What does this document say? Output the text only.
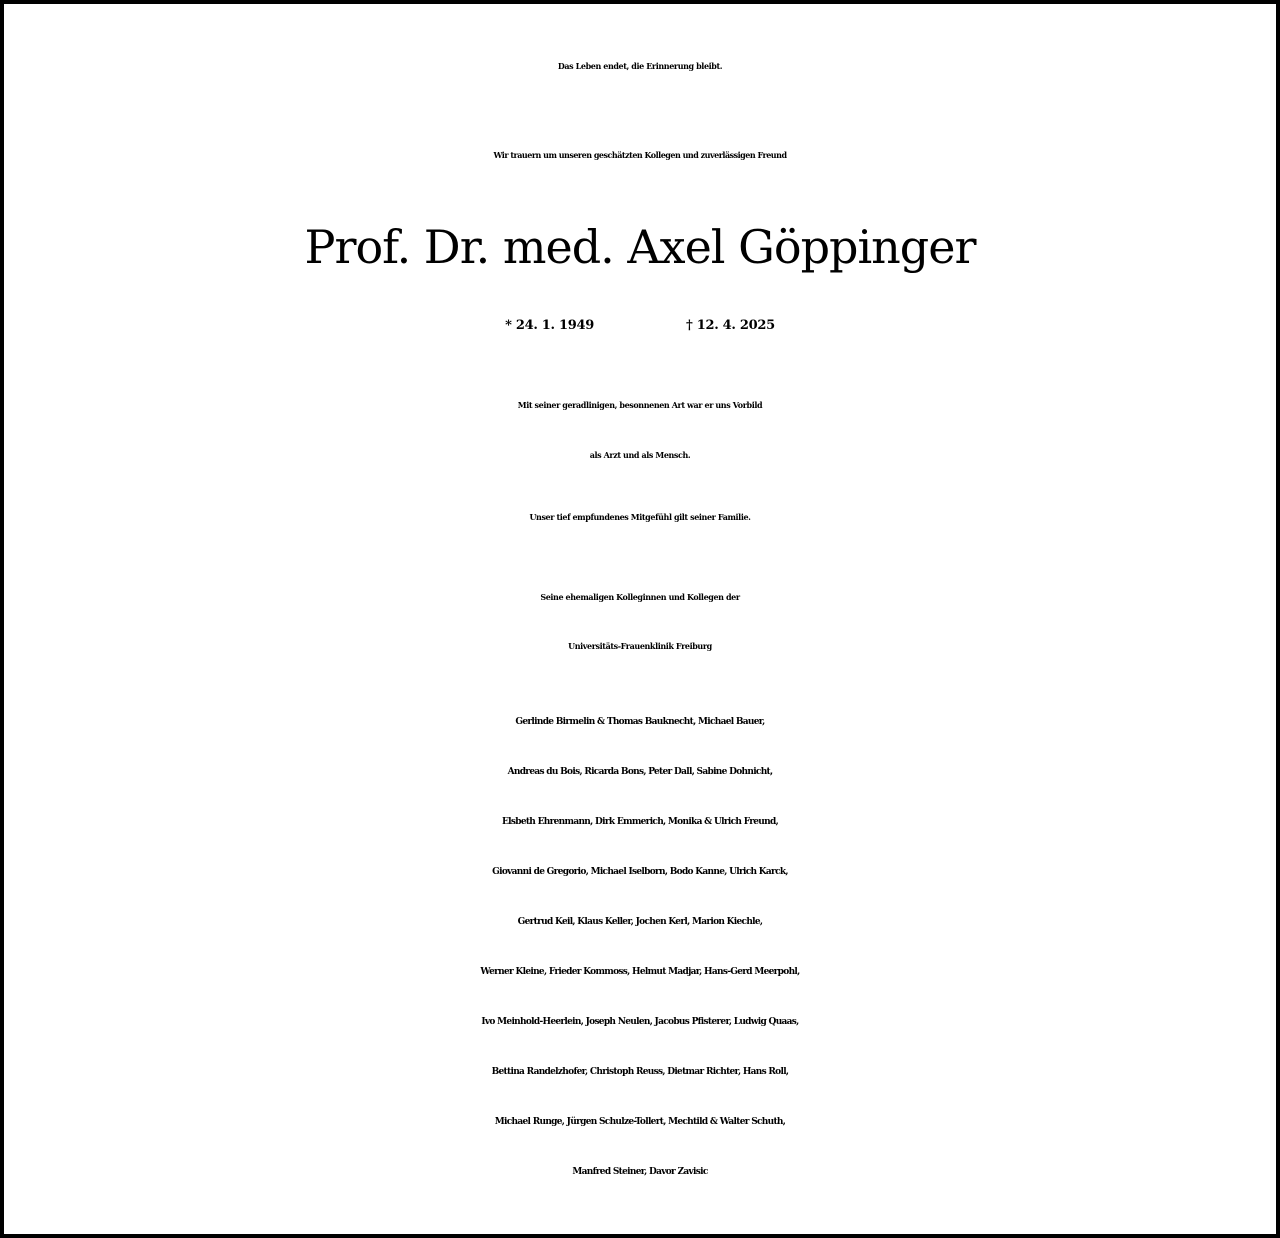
Das Leben endet, die Erinnerung bleibt.
Wir trauern um unseren geschätzten Kollegen und zuverlässigen Freund
Prof. Dr. med. Axel Göppinger
* 24. 1. 1949	† 12. 4. 2025
Mit seiner geradlinigen, besonnenen Art war er uns Vorbild
als Arzt und als Mensch.
Unser tief empfundenes Mitgefühl gilt seiner Familie.
Seine ehemaligen Kolleginnen und Kollegen der
Universitäts-Frauenklinik Freiburg
Gerlinde Birmelin & Thomas Bauknecht, Michael Bauer,
Andreas du Bois, Ricarda Bons, Peter Dall, Sabine Dohnicht,
Elsbeth Ehrenmann, Dirk Emmerich, Monika & Ulrich Freund,
Giovanni de Gregorio, Michael Iselborn, Bodo Kanne, Ulrich Karck,
Gertrud Keil, Klaus Keller, Jochen Kerl, Marion Kiechle,
Werner Kleine, Frieder Kommoss, Helmut Madjar, Hans-Gerd Meerpohl,
Ivo Meinhold-Heerlein, Joseph Neulen, Jacobus Pfisterer, Ludwig Quaas,
Bettina Randelzhofer, Christoph Reuss, Dietmar Richter, Hans Roll,
Michael Runge, Jürgen Schulze-Tollert, Mechtild & Walter Schuth,
Manfred Steiner, Davor Zavisic
